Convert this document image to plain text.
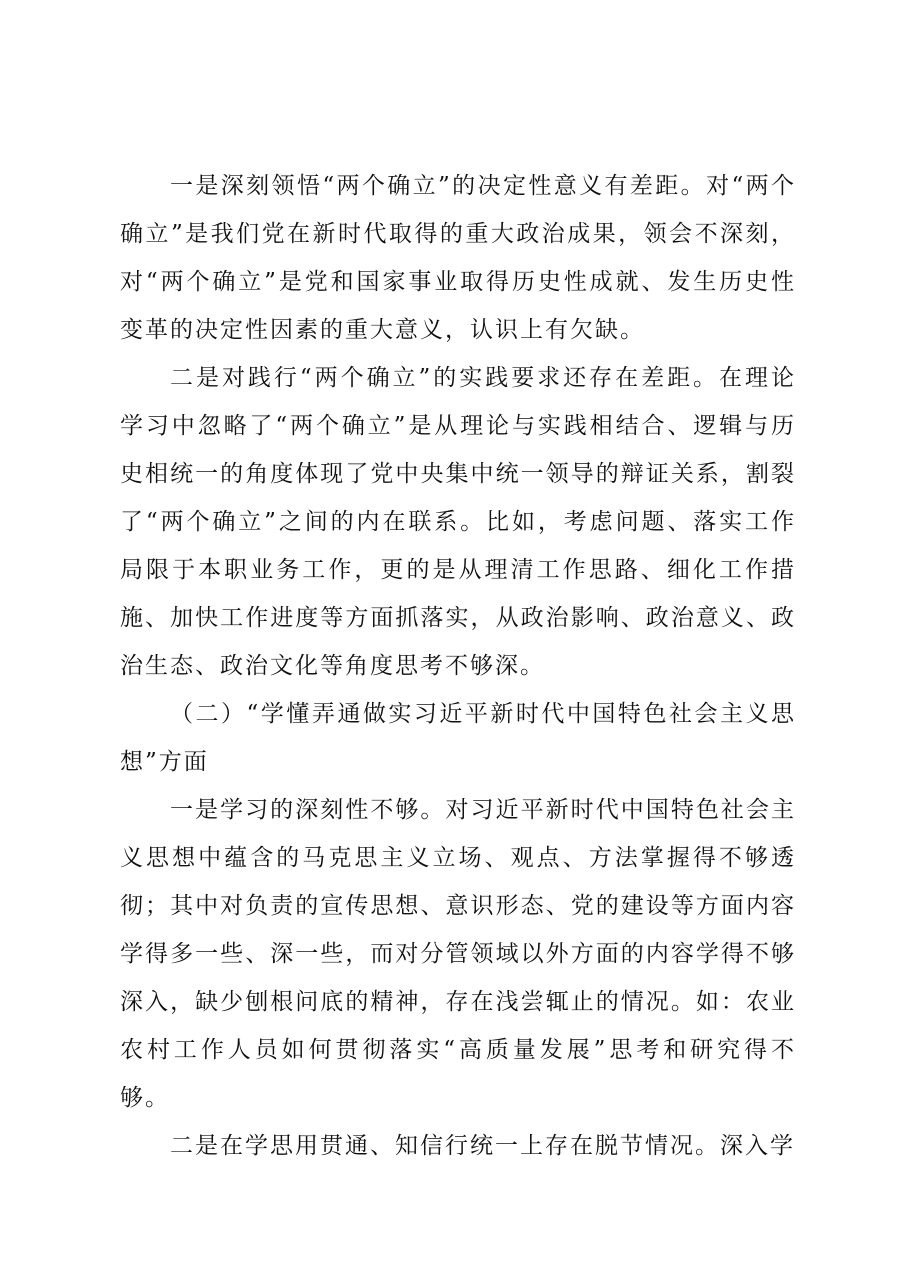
一是深刻领悟“两个确立”的决定性意义有差距。对“两个确立”是我们党在新时代取得的重大政治成果，领会不深刻，对“两个确立”是党和国家事业取得历史性成就、发生历史性变革的决定性因素的重大意义，认识上有欠缺。

二是对践行“两个确立”的实践要求还存在差距。在理论学习中忽略了“两个确立”是从理论与实践相结合、逻辑与历史相统一的角度体现了党中央集中统一领导的辩证关系，割裂了“两个确立”之间的内在联系。比如，考虑问题、落实工作局限于本职业务工作，更的是从理清工作思路、细化工作措施、加快工作进度等方面抓落实，从政治影响、政治意义、政治生态、政治文化等角度思考不够深。

（二）“学懂弄通做实习近平新时代中国特色社会主义思想”方面

一是学习的深刻性不够。对习近平新时代中国特色社会主义思想中蕴含的马克思主义立场、观点、方法掌握得不够透彻；其中对负责的宣传思想、意识形态、党的建设等方面内容学得多一些、深一些，而对分管领域以外方面的内容学得不够深入，缺少刨根问底的精神，存在浅尝辄止的情况。如：农业农村工作人员如何贯彻落实“高质量发展”思考和研究得不够。

二是在学思用贯通、知信行统一上存在脱节情况。深入学
